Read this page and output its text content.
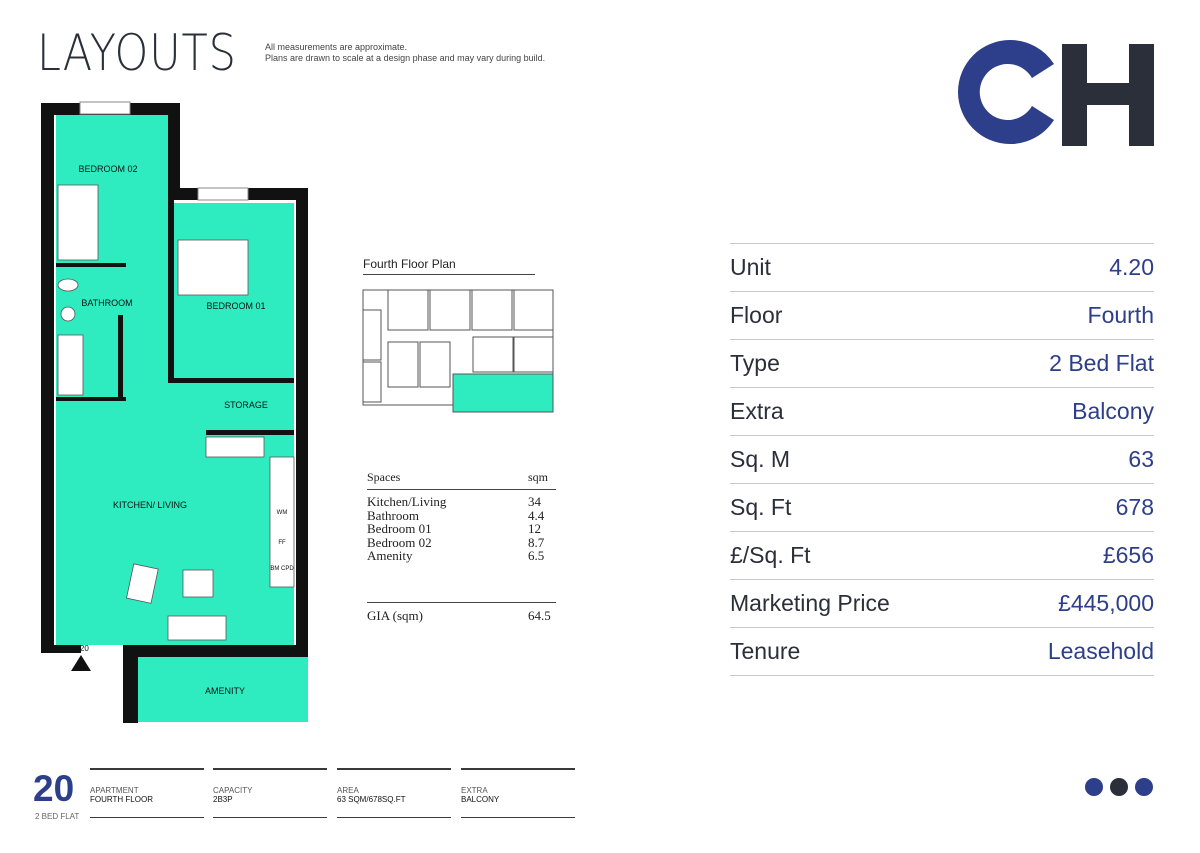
LAYOUTS	All measurements are approximate.
Plans are drawn to scale at a design phase and may vary during build.
BEDROOM 02
BATHROOM	BEDROOM 01
STORAGE
KITCHEN/ LIVING
AMENITY
WM
FF
BM CPD
4.20
Fourth Floor Plan
Spaces	sqm
Kitchen/Living	34
Bathroom	4.4
Bedroom 01	12
Bedroom 02	8.7
Amenity	6.5
GIA (sqm)	64.5
Unit	4.20
Floor	Fourth
Type	2 Bed Flat
Extra	Balcony
Sq. M	63
Sq. Ft	678
£/Sq. Ft	£656
Marketing Price	£445,000
Tenure	Leasehold
20
2 BED FLAT
APARTMENT
FOURTH FLOOR
CAPACITY
2B3P
AREA
63 SQM/678SQ.FT
EXTRA
BALCONY
